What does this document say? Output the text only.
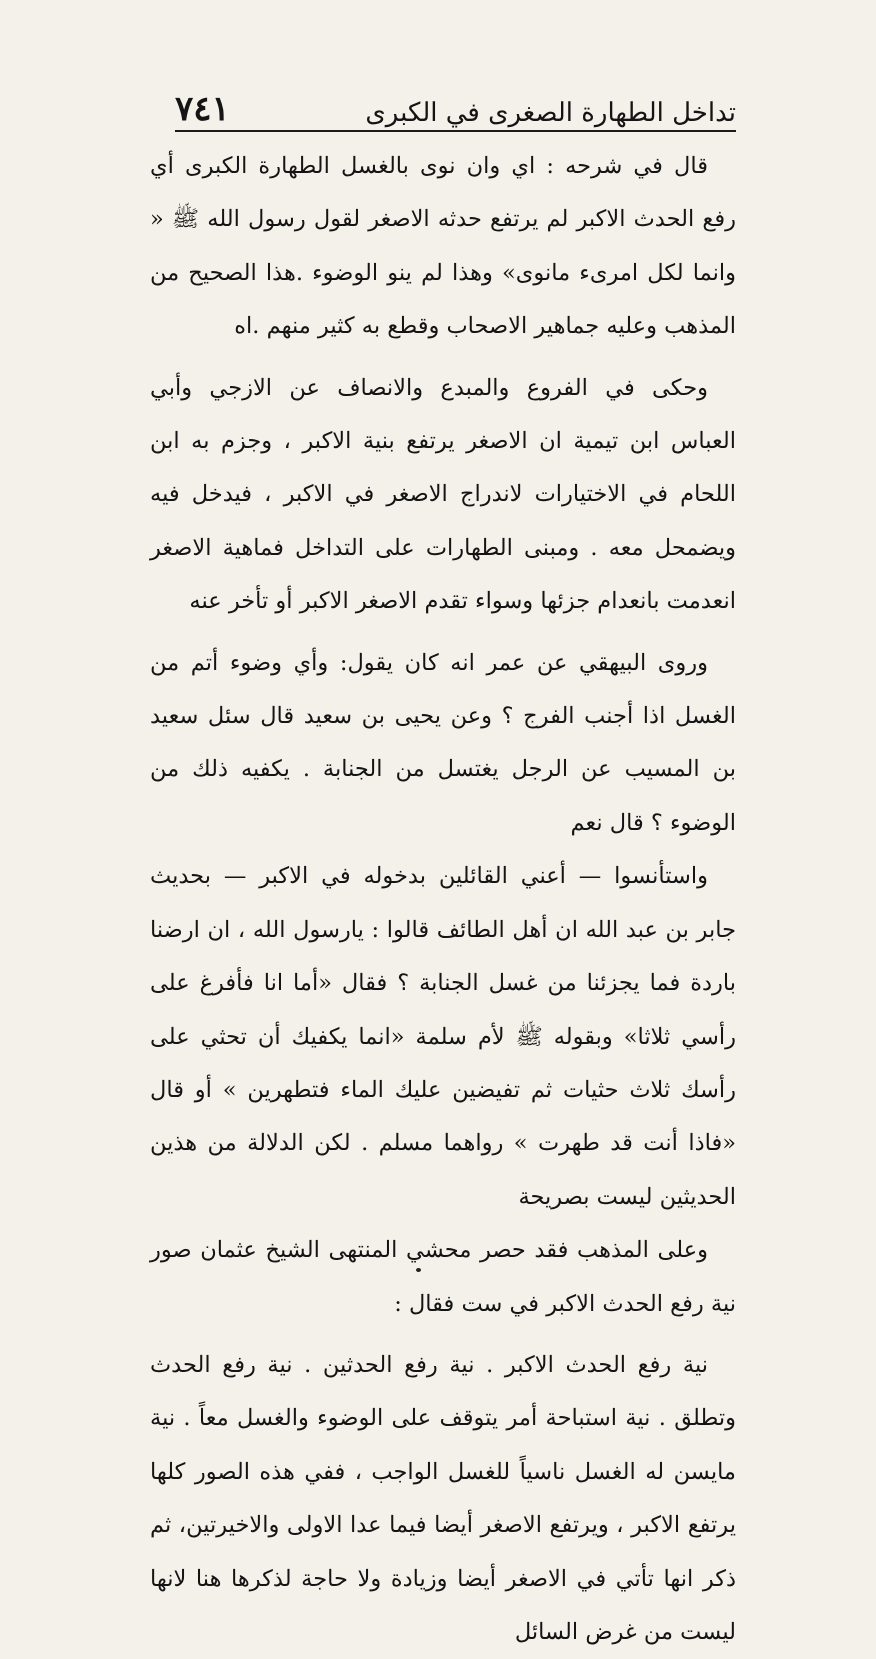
تداخل الطهارة الصغرى في الكبرى
٧٤١

قال في شرحه : اي وان نوى بالغسل الطهارة الكبرى أي رفع الحدث الاكبر لم يرتفع حدثه الاصغر لقول رسول الله ﷺ « وانما لكل امرىء مانوى» وهذا لم ينو الوضوء .هذا الصحيح من المذهب وعليه جماهير الاصحاب وقطع به كثير منهم .اه

وحكى في الفروع والمبدع والانصاف عن الازجي وأبي العباس ابن تيمية ان الاصغر يرتفع بنية الاكبر ، وجزم به ابن اللحام في الاختيارات لاندراج الاصغر في الاكبر ، فيدخل فيه ويضمحل معه . ومبنى الطهارات على التداخل فماهية الاصغر انعدمت بانعدام جزئها وسواء تقدم الاصغر الاكبر أو تأخر عنه

وروى البيهقي عن عمر انه كان يقول: وأي وضوء أتم من الغسل اذا أجنب الفرج ؟ وعن يحيى بن سعيد قال سئل سعيد بن المسيب عن الرجل يغتسل من الجنابة . يكفيه ذلك من الوضوء ؟ قال نعم

واستأنسوا — أعني القائلين بدخوله في الاكبر — بحديث جابر بن عبد الله ان أهل الطائف قالوا : يارسول الله ، ان ارضنا باردة فما يجزئنا من غسل الجنابة ؟ فقال «أما انا فأفرغ على رأسي ثلاثا» وبقوله ﷺ لأم سلمة «انما يكفيك أن تحثي على رأسك ثلاث حثيات ثم تفيضين عليك الماء فتطهرين » أو قال «فاذا أنت قد طهرت » رواهما مسلم . لكن الدلالة من هذين الحديثين ليست بصريحة

وعلى المذهب فقد حصر محشي المنتهى الشيخ عثمان صور نية رفع الحدث الاكبر في ست فقال :

نية رفع الحدث الاكبر . نية رفع الحدثين . نية رفع الحدث وتطلق . نية استباحة أمر يتوقف على الوضوء والغسل معاً . نية مايسن له الغسل ناسياً للغسل الواجب ، ففي هذه الصور كلها يرتفع الاكبر ، ويرتفع الاصغر أيضا فيما عدا الاولى والاخيرتين، ثم ذكر انها تأتي في الاصغر أيضا وزيادة ولا حاجة لذكرها هنا لانها ليست من غرض السائل
